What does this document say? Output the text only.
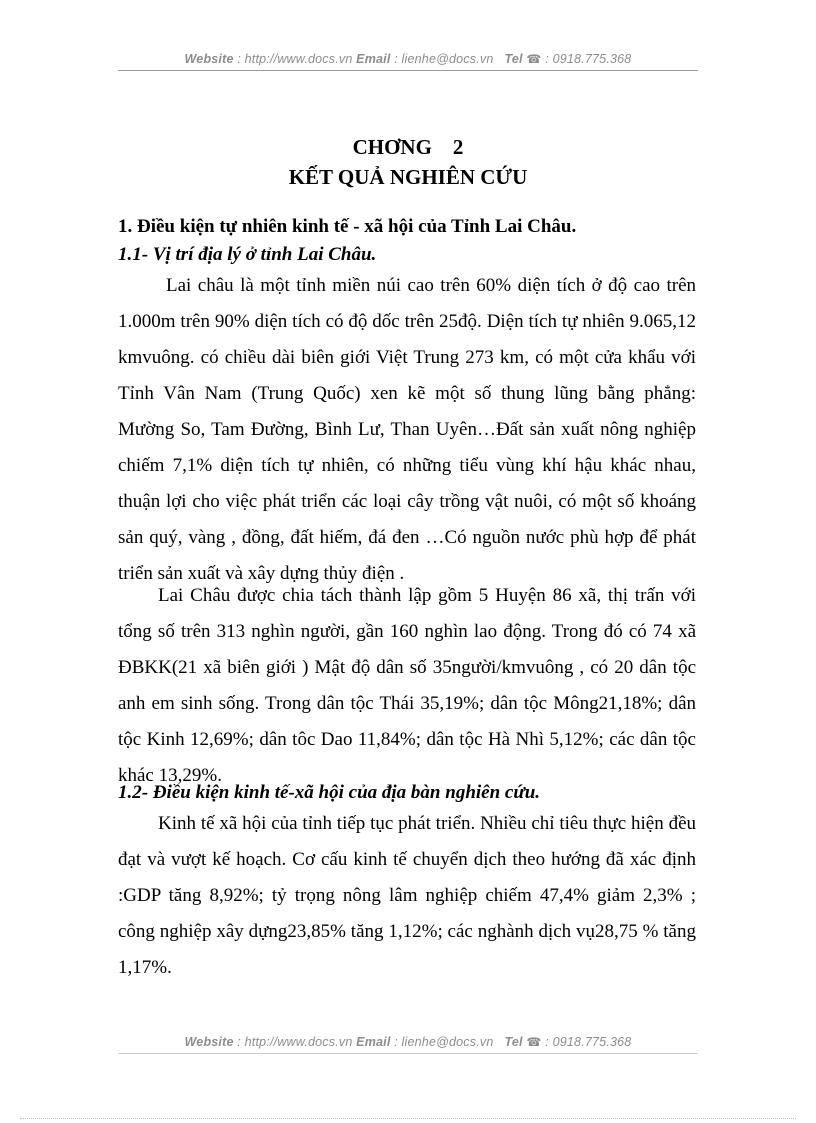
Website : http://www.docs.vn Email : lienhe@docs.vn Tel ☎ : 0918.775.368
CHƠNG    2
KẾT QUẢ NGHIÊN CỨU
1. Điều kiện tự nhiên kinh tế - xã hội của Tỉnh Lai Châu.
1.1- Vị trí địa lý ở tỉnh Lai Châu.

Lai châu là một tỉnh miền núi cao trên 60% diện tích ở độ cao trên 1.000m trên 90% diện tích có độ dốc trên 25độ. Diện tích tự nhiên 9.065,12 kmvuông. có chiều dài biên giới Việt Trung 273 km, có một cửa khẩu với Tỉnh Vân Nam (Trung Quốc) xen kẽ một số thung lũng bằng phẳng: Mường So, Tam Đường, Bình Lư, Than Uyên…Đất sản xuất nông nghiệp chiếm 7,1% diện tích tự nhiên, có những tiểu vùng khí hậu khác nhau, thuận lợi cho việc phát triển các loại cây trồng vật nuôi, có một số khoáng sản quý, vàng , đồng, đất hiếm, đá đen …Có nguồn nước phù hợp để phát triển sản xuất và xây dựng thủy điện .

Lai Châu được chia tách thành lập gồm 5 Huyện 86 xã, thị trấn với tổng số trên 313 nghìn người, gần 160 nghìn lao động. Trong đó có 74 xã ĐBKK(21 xã biên giới ) Mật độ dân số 35người/kmvuông , có 20 dân tộc anh em sinh sống. Trong dân tộc Thái 35,19%; dân tộc Mông21,18%; dân tộc Kinh 12,69%; dân tôc Dao 11,84%; dân tộc Hà Nhì 5,12%; các dân tộc khác 13,29%.

1.2- Điều kiện kinh tế-xã hội của địa bàn nghiên cứu.

Kinh tế xã hội của tỉnh tiếp tục phát triển. Nhiều chỉ tiêu thực hiện đều đạt và vượt kế hoạch. Cơ cấu kinh tế chuyển dịch theo hướng đã xác định :GDP tăng 8,92%; tỷ trọng nông lâm nghiệp chiếm 47,4% giảm 2,3% ; công nghiệp xây dựng23,85% tăng 1,12%; các nghành dịch vụ28,75 % tăng 1,17%.

Website : http://www.docs.vn Email : lienhe@docs.vn Tel ☎ : 0918.775.368
